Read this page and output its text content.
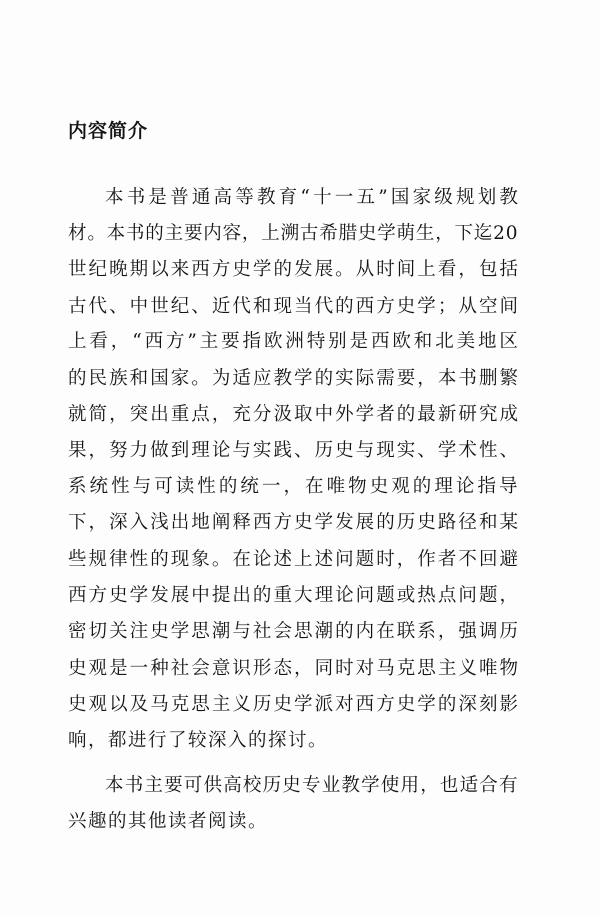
内容简介
本书是普通高等教育“十一五”国家级规划教
材。本书的主要内容，上溯古希腊史学萌生，下迄20
世纪晚期以来西方史学的发展。从时间上看，包括
古代、中世纪、近代和现当代的西方史学；从空间
上看，“西方”主要指欧洲特别是西欧和北美地区
的民族和国家。为适应教学的实际需要，本书删繁
就简，突出重点，充分汲取中外学者的最新研究成
果，努力做到理论与实践、历史与现实、学术性、
系统性与可读性的统一，在唯物史观的理论指导
下，深入浅出地阐释西方史学发展的历史路径和某
些规律性的现象。在论述上述问题时，作者不回避
西方史学发展中提出的重大理论问题或热点问题，
密切关注史学思潮与社会思潮的内在联系，强调历
史观是一种社会意识形态，同时对马克思主义唯物
史观以及马克思主义历史学派对西方史学的深刻影
响，都进行了较深入的探讨。
本书主要可供高校历史专业教学使用，也适合有
兴趣的其他读者阅读。
